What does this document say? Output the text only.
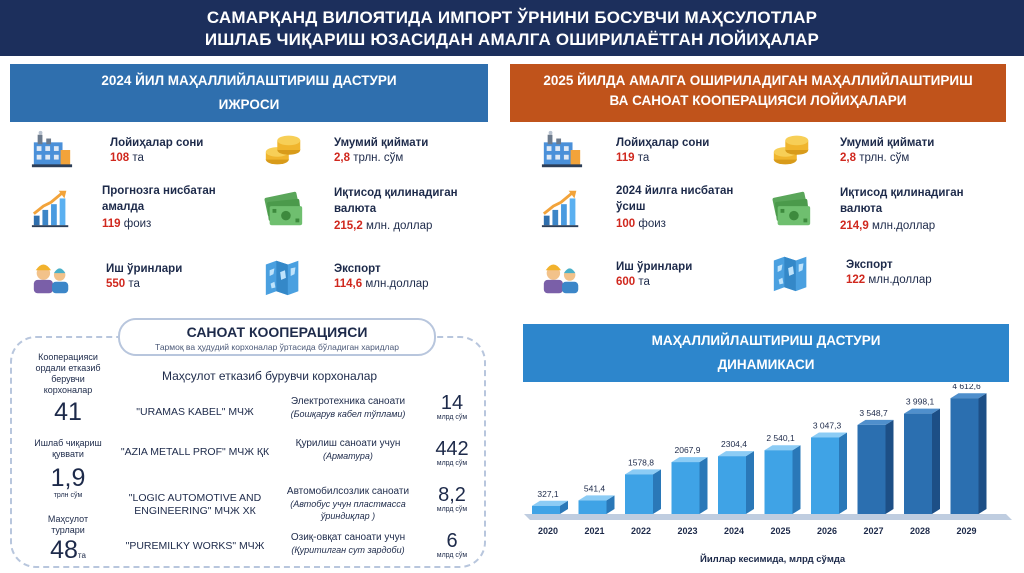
САМАРҚАНД ВИЛОЯТИДА ИМПОРТ ЎРНИНИ БОСУВЧИ МАҲСУЛОТЛАР
ИШЛАБ ЧИҚАРИШ ЮЗАСИДАН АМАЛГА ОШИРИЛАЁТГАН ЛОЙИҲАЛАР
2024 ЙИЛ МАҲАЛЛИЙЛАШТИРИШ ДАСТУРИ
ИЖРОСИ
2025 ЙИЛДА АМАЛГА ОШИРИЛАДИГАН МАҲАЛЛИЙЛАШТИРИШ
ВА САНОАТ КООПЕРАЦИЯСИ ЛОЙИҲАЛАРИ
Лойиҳалар сони
108 та
Умумий қиймати
2,8 трлн. сўм
Прогнозга нисбатан
амалда
119 фоиз
Иқтисод қилинадиган
валюта
215,2 млн. доллар
Иш ўринлари
550 та
Экспорт
114,6 млн.доллар
Лойиҳалар сони
119 та
Умумий қиймати
2,8 трлн. сўм
2024 йилга нисбатан
ўсиш
100 фоиз
Иқтисод қилинадиган
валюта
214,9 млн.доллар
Иш ўринлари
600 та
Экспорт
122 млн.доллар
САНОАТ КООПЕРАЦИЯСИ
Тармоқ ва ҳудудий корхоналар ўртасида бўладиган харидлар
Кооперацияси ордали етказиб берувчи корхоналар
41
Ишлаб чиқариш қуввати
1,9
трлн сўм
Маҳсулот турлари
48та
Маҳсулот етказиб бурувчи корхоналар
"URAMAS KABEL" МЧЖ
Электротехника саноати
(Бошқарув кабел тўплами)	14
млрд сўм
"AZIA METALL PROF" МЧЖ ҚК
Қурилиш саноати учун
(Арматура)	442
млрд сўм
"LOGIC AUTOMOTIVE AND ENGINEERING" МЧЖ ХК
Автомобилсозлик саноати
(Автобус учун пластмасса ўриндиқлар )
8,2
млрд сўм
"PUREMILKY WORKS" МЧЖ
Озиқ-овқат саноати учун
(Қуритилган сут зардоби)	6
млрд сўм
МАҲАЛЛИЙЛАШТИРИШ ДАСТУРИ
ДИНАМИКАСИ
327,1
2020
541,4
2021
1578,8
2022
2067,9
2023
2304,4
2024
2 540,1
2025
3 047,3
2026
3 548,7
2027
3 998,1
2028
4 612,6
2029
Йиллар кесимида, млрд сўмда
